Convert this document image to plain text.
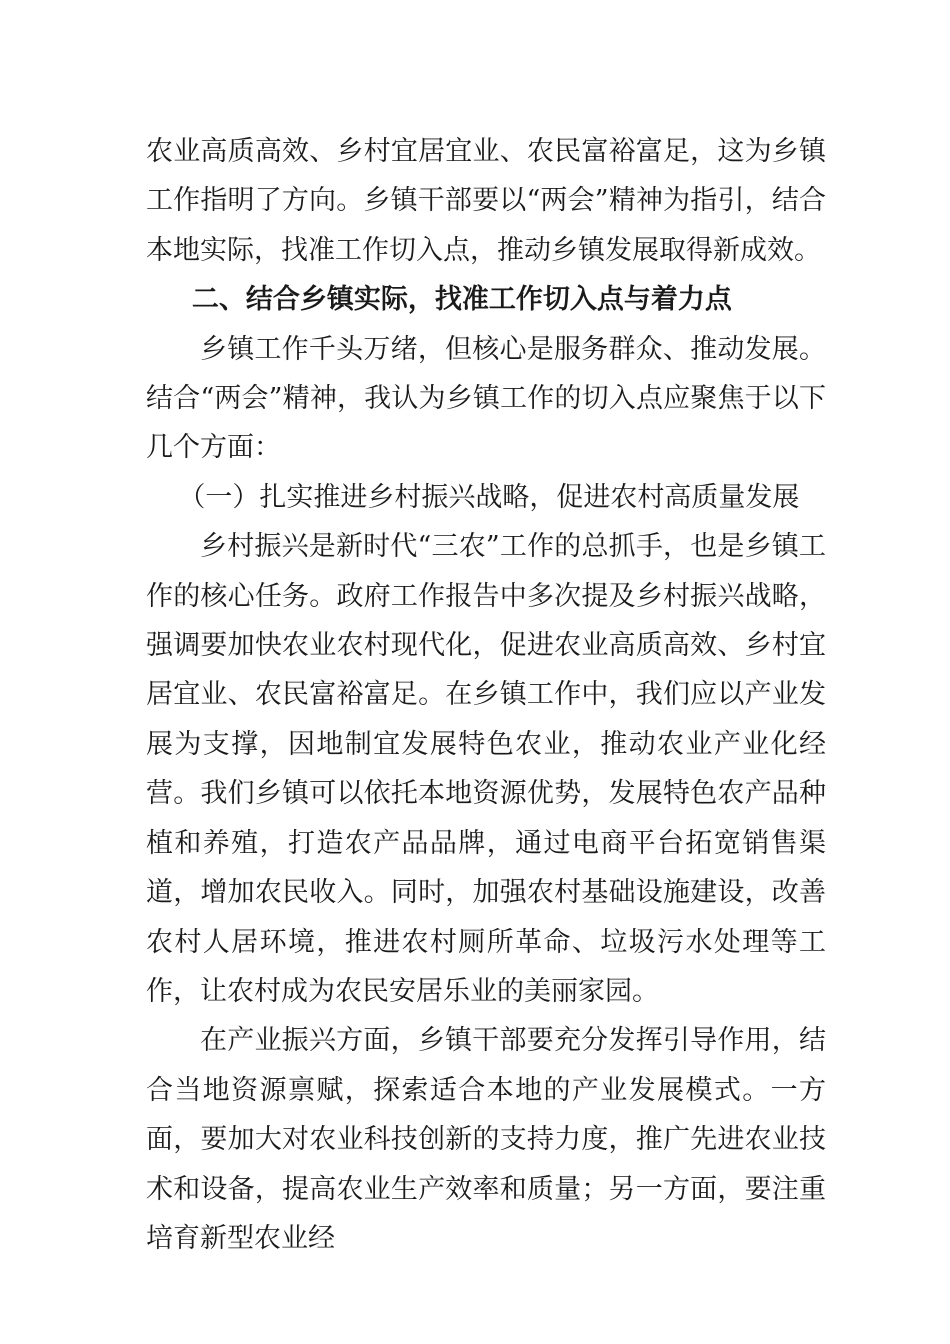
农业高质高效、乡村宜居宜业、农民富裕富足，这为乡镇工作指明了方向。乡镇干部要以“两会”精神为指引，结合本地实际，找准工作切入点，推动乡镇发展取得新成效。

二、结合乡镇实际，找准工作切入点与着力点

乡镇工作千头万绪，但核心是服务群众、推动发展。结合“两会”精神，我认为乡镇工作的切入点应聚焦于以下几个方面：

（一）扎实推进乡村振兴战略，促进农村高质量发展

乡村振兴是新时代“三农”工作的总抓手，也是乡镇工作的核心任务。政府工作报告中多次提及乡村振兴战略，强调要加快农业农村现代化，促进农业高质高效、乡村宜居宜业、农民富裕富足。在乡镇工作中，我们应以产业发展为支撑，因地制宜发展特色农业，推动农业产业化经营。我们乡镇可以依托本地资源优势，发展特色农产品种植和养殖，打造农产品品牌，通过电商平台拓宽销售渠道，增加农民收入。同时，加强农村基础设施建设，改善农村人居环境，推进农村厕所革命、垃圾污水处理等工作，让农村成为农民安居乐业的美丽家园。

在产业振兴方面，乡镇干部要充分发挥引导作用，结合当地资源禀赋，探索适合本地的产业发展模式。一方面，要加大对农业科技创新的支持力度，推广先进农业技术和设备，提高农业生产效率和质量；另一方面，要注重培育新型农业经
